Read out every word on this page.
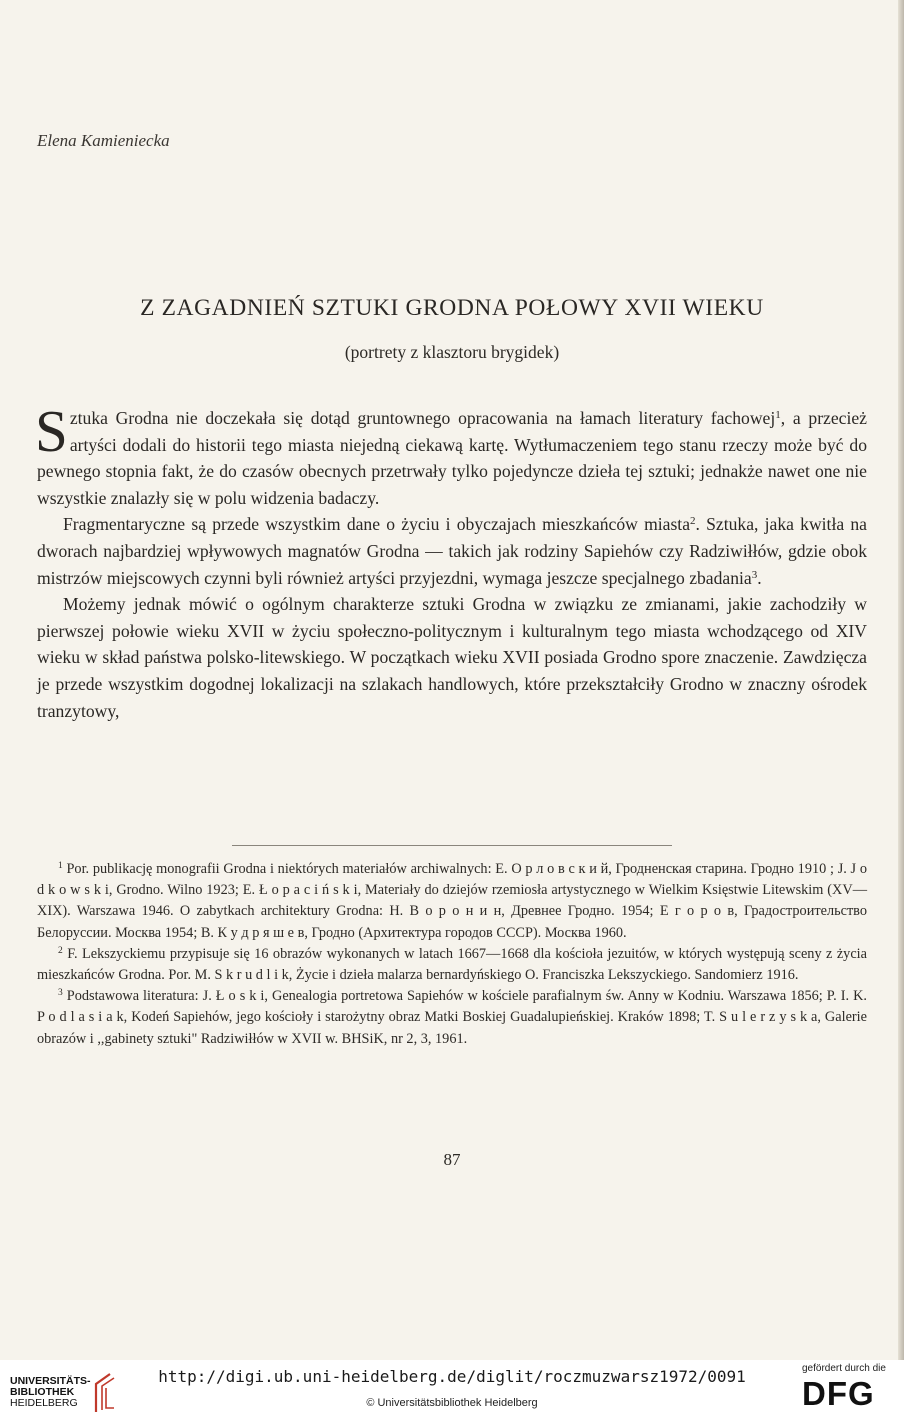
Elena Kamieniecka
Z ZAGADNIEŃ SZTUKI GRODNA POŁOWY XVII WIEKU
(portrety z klasztoru brygidek)

Sztuka Grodna nie doczekała się dotąd gruntownego opracowania na łamach literatury fachowej$^1$, a przecież artyści dodali do historii tego miasta niejedną ciekawą kartę. Wytłumaczeniem tego stanu rzeczy może być do pewnego stopnia fakt, że do czasów obecnych przetrwały tylko pojedyncze dzieła tej sztuki; jednakże nawet one nie wszystkie znalazły się w polu widzenia badaczy.

Fragmentaryczne są przede wszystkim dane o życiu i obyczajach mieszkańców miasta$^2$. Sztuka, jaka kwitła na dworach najbardziej wpływowych magnatów Grodna — takich jak rodziny Sapiehów czy Radziwiłłów, gdzie obok mistrzów miejscowych czynni byli również artyści przyjezdni, wymaga jeszcze specjalnego zbadania$^3$.

Możemy jednak mówić o ogólnym charakterze sztuki Grodna w związku ze zmianami, jakie zachodziły w pierwszej połowie wieku XVII w życiu społeczno-politycznym i kulturalnym tego miasta wchodzącego od XIV wieku w skład państwa polsko-litewskiego. W początkach wieku XVII posiada Grodno spore znaczenie. Zawdzięcza je przede wszystkim dogodnej lokalizacji na szlakach handlowych, które przekształciły Grodno w znaczny ośrodek tranzytowy,

$^1$ Por. publikację monografii Grodna i niektórych materiałów archiwalnych: E. О р л о в с к и й, Гродненская старина. Гродно 1910 ; J. J o d k o w s k i, Grodno. Wilno 1923; E. Ł o p a c i ń s k i, Materiały do dziejów rzemiosła artystycznego w Wielkim Księstwie Litewskim (XV—XIX). Warszawa 1946. O zabytkach architektury Grodna: Н. В о р о н и н, Древнее Гродно. 1954; Е г о р о в, Градостроительство Белоруссии. Москва 1954; В. К у д р я ш е в, Гродно (Архитектура городов СССР). Москва 1960.

$^2$ F. Lekszyckiemu przypisuje się 16 obrazów wykonanych w latach 1667—1668 dla kościoła jezuitów, w których występują sceny z życia mieszkańców Grodna. Por. M. S k r u d l i k, Życie i dzieła malarza bernardyńskiego O. Franciszka Lekszyckiego. Sandomierz 1916.

$^3$ Podstawowa literatura: J. Ł o s k i, Genealogia portretowa Sapiehów w kościele parafialnym św. Anny w Kodniu. Warszawa 1856; P. I. K. P o d l a s i a k, Kodeń Sapiehów, jego kościoły i starożytny obraz Matki Boskiej Guadalupieńskiej. Kraków 1898; T. S u l e r z y s k a, Galerie obrazów i ,,gabinety sztuki" Radziwiłłów w XVII w. BHSiK, nr 2, 3, 1961.

87
UNIVERSITÄTS-
BIBLIOTHEK
HEIDELBERG
http://digi.ub.uni-heidelberg.de/diglit/roczmuzwarsz1972/0091
© Universitätsbibliothek Heidelberg
gefördert durch die
DFG
